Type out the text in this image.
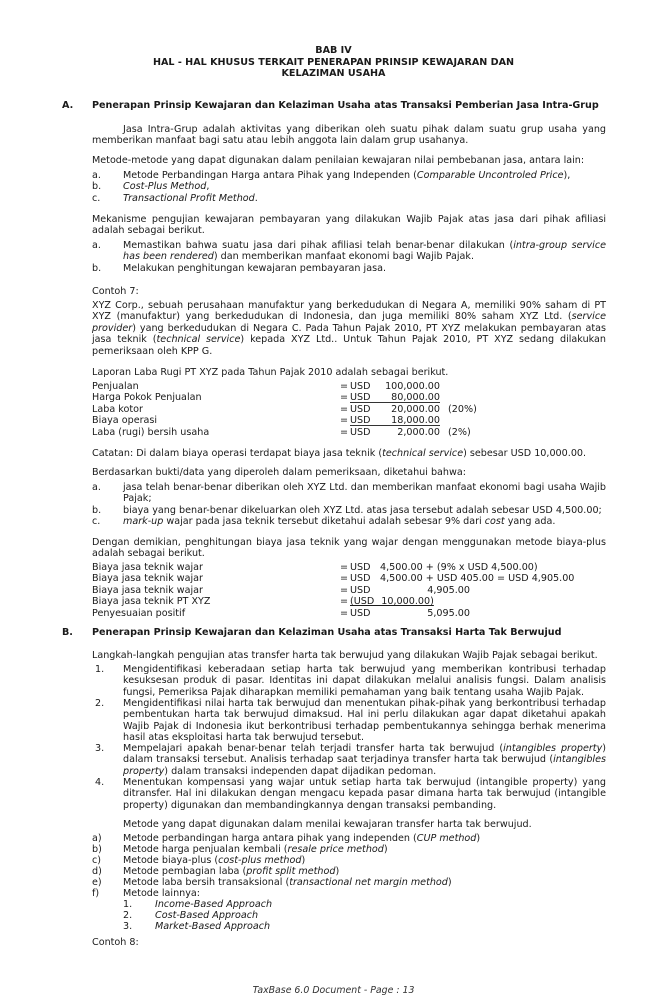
BAB IV
HAL - HAL KHUSUS TERKAIT PENERAPAN PRINSIP KEWAJARAN DAN
KELAZIMAN USAHA
A. Penerapan Prinsip Kewajaran dan Kelaziman Usaha atas Transaksi Pemberian Jasa Intra-Grup
Jasa Intra-Grup adalah aktivitas yang diberikan oleh suatu pihak dalam suatu grup usaha yang memberikan manfaat bagi satu atau lebih anggota lain dalam grup usahanya.
Metode-metode yang dapat digunakan dalam penilaian kewajaran nilai pembebanan jasa, antara lain:
a. Metode Perbandingan Harga antara Pihak yang Independen (Comparable Uncontroled Price),
b. Cost-Plus Method,
c. Transactional Profit Method.
Mekanisme pengujian kewajaran pembayaran yang dilakukan Wajib Pajak atas jasa dari pihak afiliasi adalah sebagai berikut.
a. Memastikan bahwa suatu jasa dari pihak afiliasi telah benar-benar dilakukan (intra-group service has been rendered) dan memberikan manfaat ekonomi bagi Wajib Pajak.
b. Melakukan penghitungan kewajaran pembayaran jasa.
Contoh 7:
XYZ Corp., sebuah perusahaan manufaktur yang berkedudukan di Negara A, memiliki 90% saham di PT XYZ (manufaktur) yang berkedudukan di Indonesia, dan juga memiliki 80% saham XYZ Ltd. (service provider) yang berkedudukan di Negara C. Pada Tahun Pajak 2010, PT XYZ melakukan pembayaran atas jasa teknik (technical service) kepada XYZ Ltd.. Untuk Tahun Pajak 2010, PT XYZ sedang dilakukan pemeriksaan oleh KPP G.
Laporan Laba Rugi PT XYZ pada Tahun Pajak 2010 adalah sebagai berikut.
Penjualan	= USD	100,000.00
Harga Pokok Penjualan	= USD	80,000.00
Laba kotor	= USD	20,000.00 (20%)
Biaya operasi	= USD	18,000.00
Laba (rugi) bersih usaha	= USD	2,000.00 (2%)
Catatan: Di dalam biaya operasi terdapat biaya jasa teknik (technical service) sebesar USD 10,000.00.
Berdasarkan bukti/data yang diperoleh dalam pemeriksaan, diketahui bahwa:
a. jasa telah benar-benar diberikan oleh XYZ Ltd. dan memberikan manfaat ekonomi bagi usaha Wajib Pajak;
b. biaya yang benar-benar dikeluarkan oleh XYZ Ltd. atas jasa tersebut adalah sebesar USD 4,500.00;
c. mark-up wajar pada jasa teknik tersebut diketahui adalah sebesar 9% dari cost yang ada.
Dengan demikian, penghitungan biaya jasa teknik yang wajar dengan menggunakan metode biaya-plus adalah sebagai berikut.
Biaya jasa teknik wajar	= USD 4,500.00 + (9% x USD 4,500.00)
Biaya jasa teknik wajar	= USD 4,500.00 + USD 405.00 = USD 4,905.00
Biaya jasa teknik wajar	= USD	4,905.00
Biaya jasa teknik PT XYZ	= (USD 10,000.00)
Penyesuaian positif	= USD	5,095.00
B. Penerapan Prinsip Kewajaran dan Kelaziman Usaha atas Transaksi Harta Tak Berwujud
Langkah-langkah pengujian atas transfer harta tak berwujud yang dilakukan Wajib Pajak sebagai berikut.
1. Mengidentifikasi keberadaan setiap harta tak berwujud yang memberikan kontribusi terhadap kesuksesan produk di pasar. Identitas ini dapat dilakukan melalui analisis fungsi. Dalam analisis fungsi, Pemeriksa Pajak diharapkan memiliki pemahaman yang baik tentang usaha Wajib Pajak.
2. Mengidentifikasi nilai harta tak berwujud dan menentukan pihak-pihak yang berkontribusi terhadap pembentukan harta tak berwujud dimaksud. Hal ini perlu dilakukan agar dapat diketahui apakah Wajib Pajak di Indonesia ikut berkontribusi terhadap pembentukannya sehingga berhak menerima hasil atas eksploitasi harta tak berwujud tersebut.
3. Mempelajari apakah benar-benar telah terjadi transfer harta tak berwujud (intangibles property) dalam transaksi tersebut. Analisis terhadap saat terjadinya transfer harta tak berwujud (intangibles property) dalam transaksi independen dapat dijadikan pedoman.
4. Menentukan kompensasi yang wajar untuk setiap harta tak berwujud (intangible property) yang ditransfer. Hal ini dilakukan dengan mengacu kepada pasar dimana harta tak berwujud (intangible property) digunakan dan membandingkannya dengan transaksi pembanding.
Metode yang dapat digunakan dalam menilai kewajaran transfer harta tak berwujud.
a) Metode perbandingan harga antara pihak yang independen (CUP method)
b) Metode harga penjualan kembali (resale price method)
c) Metode biaya-plus (cost-plus method)
d) Metode pembagian laba (profit split method)
e) Metode laba bersih transaksional (transactional net margin method)
f) Metode lainnya:
1. Income-Based Approach
2. Cost-Based Approach
3. Market-Based Approach
Contoh 8:
TaxBase 6.0 Document - Page : 13
